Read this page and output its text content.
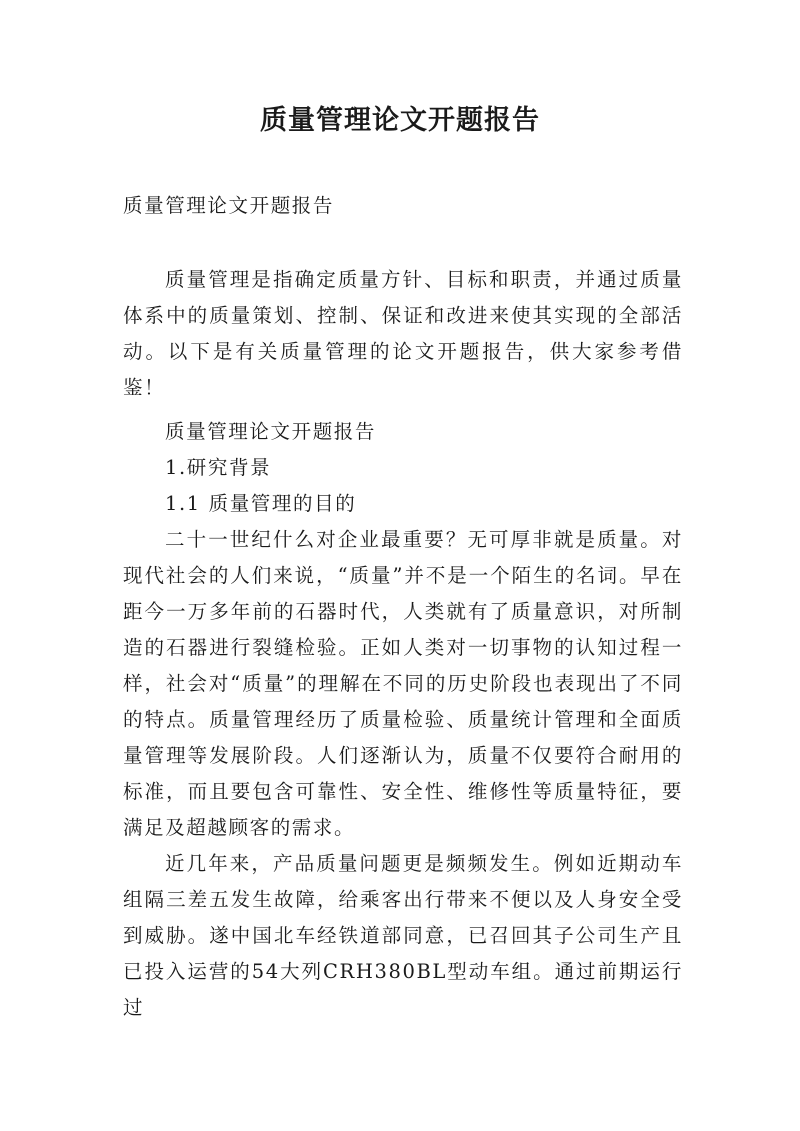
质量管理论文开题报告
质量管理论文开题报告
质量管理是指确定质量方针、目标和职责，并通过质量体系中的质量策划、控制、保证和改进来使其实现的全部活动。以下是有关质量管理的论文开题报告，供大家参考借鉴！
质量管理论文开题报告
1.研究背景
1.1 质量管理的目的
二十一世纪什么对企业最重要？无可厚非就是质量。对现代社会的人们来说，“质量”并不是一个陌生的名词。早在距今一万多年前的石器时代，人类就有了质量意识，对所制造的石器进行裂缝检验。正如人类对一切事物的认知过程一样，社会对“质量”的理解在不同的历史阶段也表现出了不同的特点。质量管理经历了质量检验、质量统计管理和全面质量管理等发展阶段。人们逐渐认为，质量不仅要符合耐用的标准，而且要包含可靠性、安全性、维修性等质量特征，要满足及超越顾客的需求。
近几年来，产品质量问题更是频频发生。例如近期动车组隔三差五发生故障，给乘客出行带来不便以及人身安全受到威胁。遂中国北车经铁道部同意，已召回其子公司生产且已投入运营的54大列CRH380BL型动车组。通过前期运行过
